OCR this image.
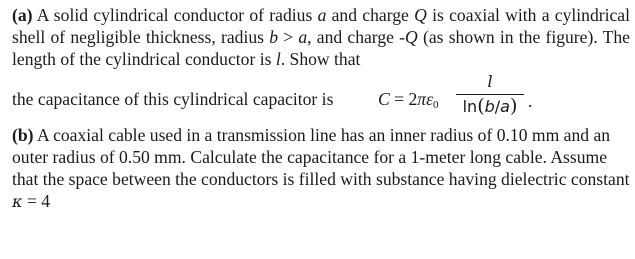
(a) A solid cylindrical conductor of radius a and charge Q is coaxial with a cylindrical shell of negligible thickness, radius b > a, and charge -Q (as shown in the figure). The length of the cylindrical conductor is l. Show that
the capacitance of this cylindrical capacitor is	$C = 2\pi\varepsilon_0$
l
ln(b/a) .
(b) A coaxial cable used in a transmission line has an inner radius of 0.10 mm and an outer radius of 0.50 mm. Calculate the capacitance for a 1-meter long cable. Assume that the space between the conductors is filled with substance having dielectric constant κ = 4
